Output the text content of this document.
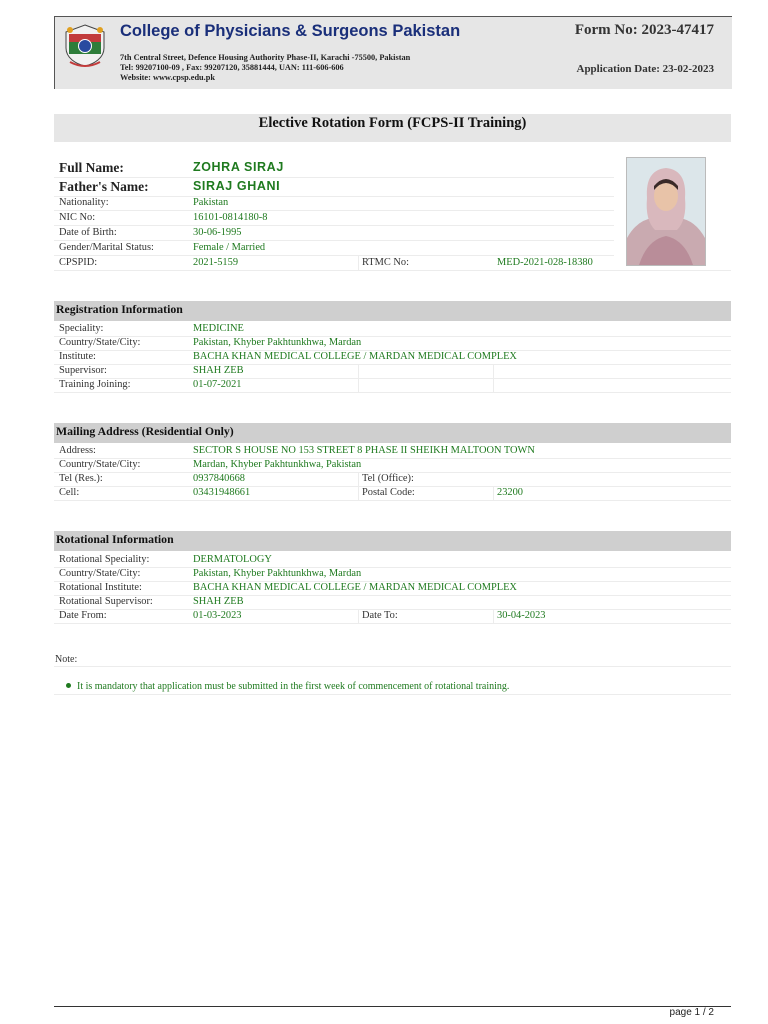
College of Physicians & Surgeons Pakistan
7th Central Street, Defence Housing Authority Phase-II, Karachi -75500, Pakistan
Tel: 99207100-09 , Fax: 99207120, 35881444, UAN: 111-606-606
Website: www.cpsp.edu.pk
Form No: 2023-47417
Application Date: 23-02-2023
Elective Rotation Form (FCPS-II Training)
Full Name:	ZOHRA SIRAJ
Father's Name:	SIRAJ GHANI
Nationality:	Pakistan
NIC No:	16101-0814180-8
Date of Birth:	30-06-1995
Gender/Marital Status:	Female / Married
CPSPID:	2021-5159	RTMC No:	MED-2021-028-18380
Registration Information
Speciality:	MEDICINE
Country/State/City:	Pakistan, Khyber Pakhtunkhwa, Mardan
Institute:	BACHA KHAN MEDICAL COLLEGE / MARDAN MEDICAL COMPLEX
Supervisor:	SHAH ZEB
Training Joining:	01-07-2021
Mailing Address (Residential Only)
Address:	SECTOR S HOUSE NO 153 STREET 8 PHASE II SHEIKH MALTOON TOWN
Country/State/City:	Mardan, Khyber Pakhtunkhwa, Pakistan
Tel (Res.):	0937840668	Tel (Office):
Cell:	03431948661	Postal Code:	23200
Rotational Information
Rotational Speciality:	DERMATOLOGY
Country/State/City:	Pakistan, Khyber Pakhtunkhwa, Mardan
Rotational Institute:	BACHA KHAN MEDICAL COLLEGE / MARDAN MEDICAL COMPLEX
Rotational Supervisor:	SHAH ZEB
Date From:	01-03-2023	Date To:	30-04-2023
Note:
It is mandatory that application must be submitted in the first week of commencement of rotational training.
page 1 / 2
